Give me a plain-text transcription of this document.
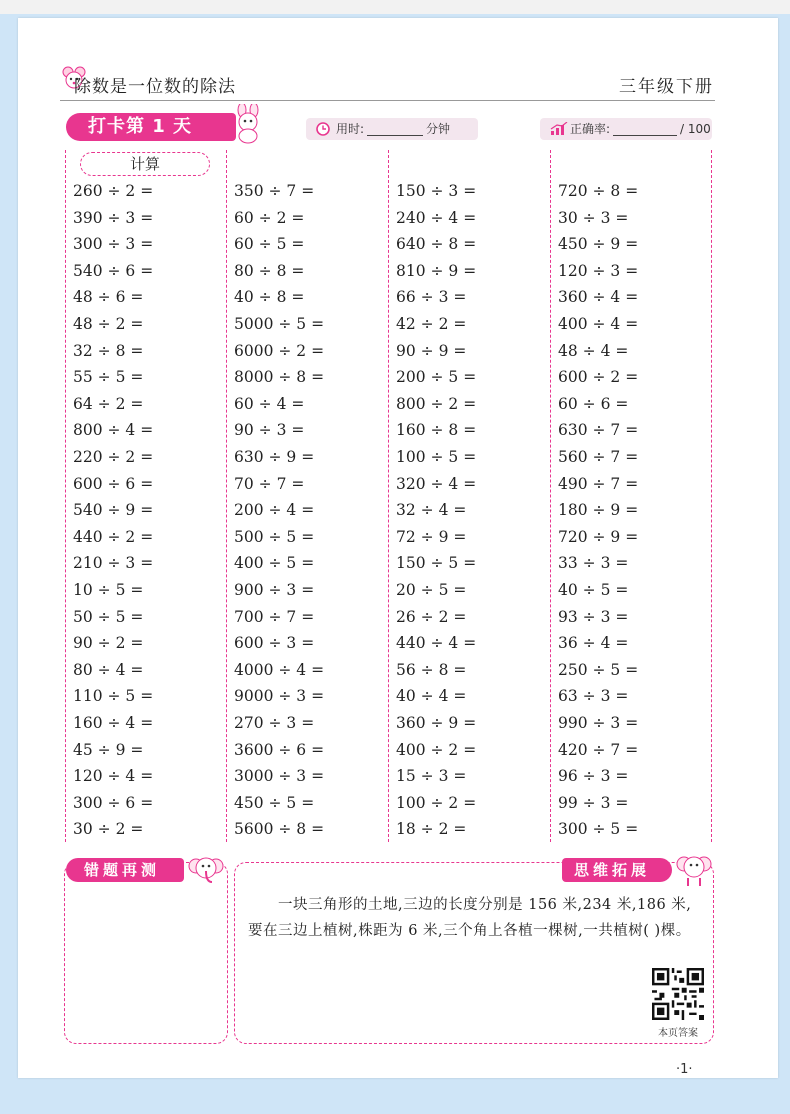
除数是一位数的除法	三年级下册
打卡第 1 天	用时:	分钟	正确率:	/ 100
计算
260 ÷ 2 =
390 ÷ 3 =
300 ÷ 3 =
540 ÷ 6 =
48 ÷ 6 =
48 ÷ 2 =
32 ÷ 8 =
55 ÷ 5 =
64 ÷ 2 =
800 ÷ 4 =
220 ÷ 2 =
600 ÷ 6 =
540 ÷ 9 =
440 ÷ 2 =
210 ÷ 3 =
10 ÷ 5 =
50 ÷ 5 =
90 ÷ 2 =
80 ÷ 4 =
110 ÷ 5 =
160 ÷ 4 =
45 ÷ 9 =
120 ÷ 4 =
300 ÷ 6 =
30 ÷ 2 =
350 ÷ 7 =
60 ÷ 2 =
60 ÷ 5 =
80 ÷ 8 =
40 ÷ 8 =
5000 ÷ 5 =
6000 ÷ 2 =
8000 ÷ 8 =
60 ÷ 4 =
90 ÷ 3 =
630 ÷ 9 =
70 ÷ 7 =
200 ÷ 4 =
500 ÷ 5 =
400 ÷ 5 =
900 ÷ 3 =
700 ÷ 7 =
600 ÷ 3 =
4000 ÷ 4 =
9000 ÷ 3 =
270 ÷ 3 =
3600 ÷ 6 =
3000 ÷ 3 =
450 ÷ 5 =
5600 ÷ 8 =
150 ÷ 3 =
240 ÷ 4 =
640 ÷ 8 =
810 ÷ 9 =
66 ÷ 3 =
42 ÷ 2 =
90 ÷ 9 =
200 ÷ 5 =
800 ÷ 2 =
160 ÷ 8 =
100 ÷ 5 =
320 ÷ 4 =
32 ÷ 4 =
72 ÷ 9 =
150 ÷ 5 =
20 ÷ 5 =
26 ÷ 2 =
440 ÷ 4 =
56 ÷ 8 =
40 ÷ 4 =
360 ÷ 9 =
400 ÷ 2 =
15 ÷ 3 =
100 ÷ 2 =
18 ÷ 2 =
720 ÷ 8 =
30 ÷ 3 =
450 ÷ 9 =
120 ÷ 3 =
360 ÷ 4 =
400 ÷ 4 =
48 ÷ 4 =
600 ÷ 2 =
60 ÷ 6 =
630 ÷ 7 =
560 ÷ 7 =
490 ÷ 7 =
180 ÷ 9 =
720 ÷ 9 =
33 ÷ 3 =
40 ÷ 5 =
93 ÷ 3 =
36 ÷ 4 =
250 ÷ 5 =
63 ÷ 3 =
990 ÷ 3 =
420 ÷ 7 =
96 ÷ 3 =
99 ÷ 3 =
300 ÷ 5 =
错题再测	思维拓展
一块三角形的土地,三边的长度分别是 156 米,234 米,186 米,要在三边上植树,株距为 6 米,三个角上各植一棵树,一共植树( )棵。
本页答案
·1·
